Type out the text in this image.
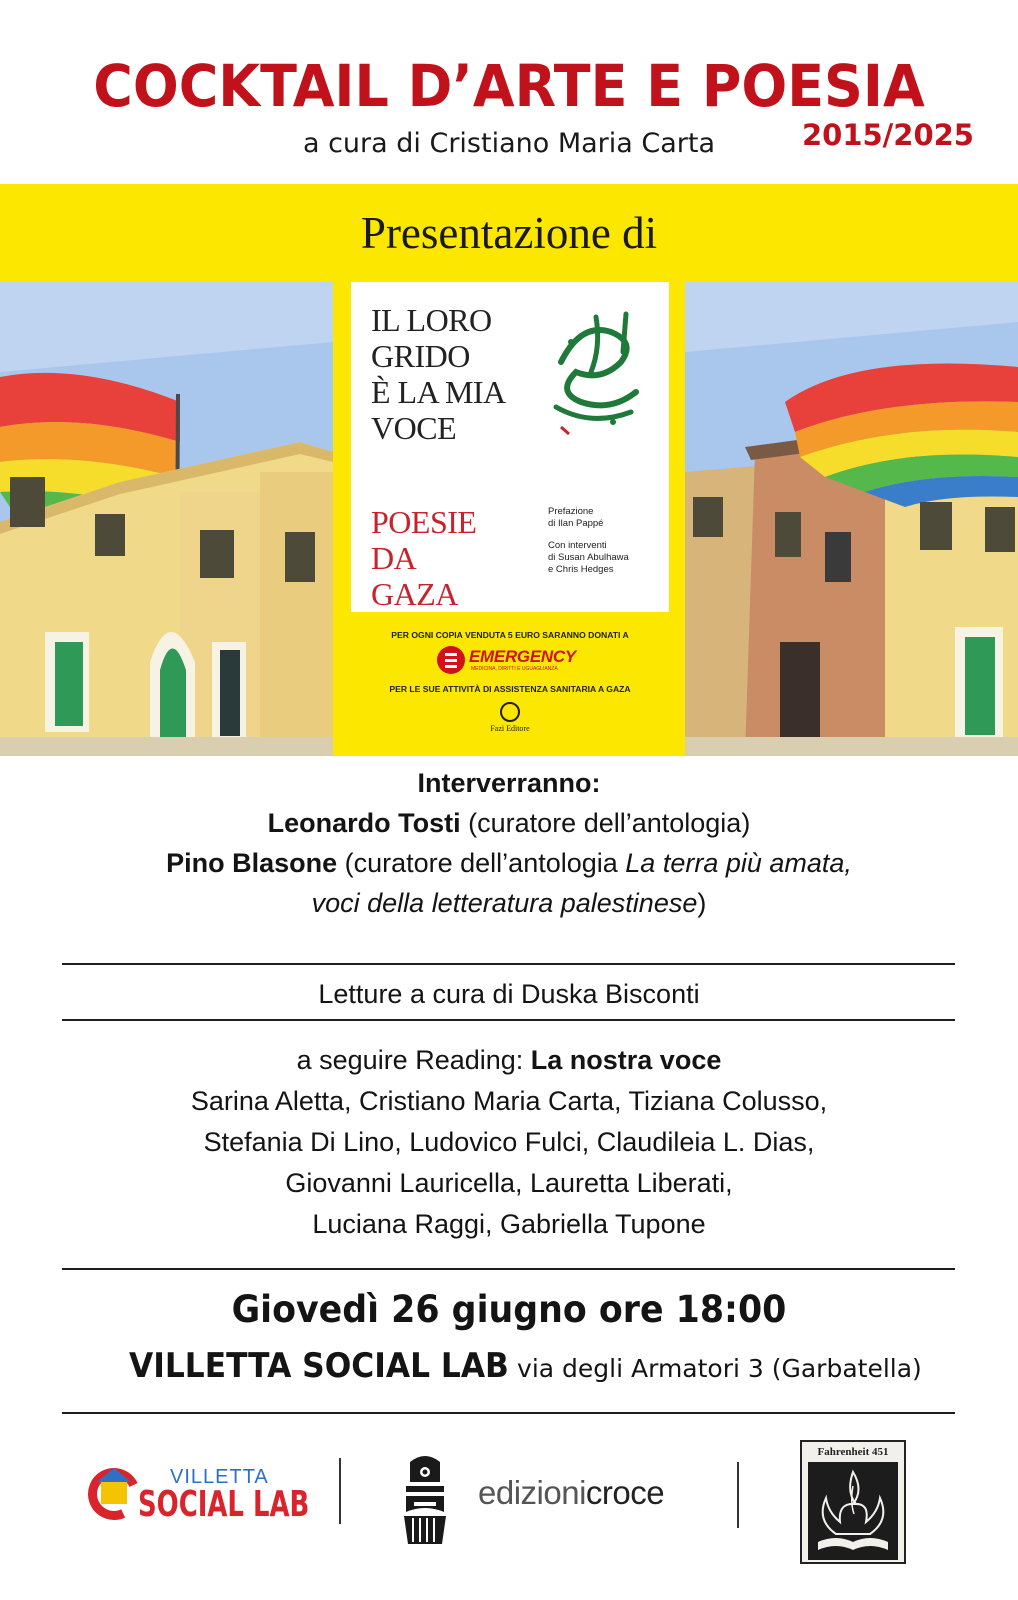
COCKTAIL D’ARTE E POESIA
2015/2025
a cura di Cristiano Maria Carta
Presentazione di
IL LORO
GRIDO
È LA MIA
VOCE
POESIE
DA
GAZA
Prefazione
di Ilan Pappé
Con interventi
di Susan Abulhawa
e Chris Hedges
PER OGNI COPIA VENDUTA 5 EURO SARANNO DONATI A
EMERGENCY
MEDICINA, DIRITTI E UGUAGLIANZA
PER LE SUE ATTIVITÀ DI ASSISTENZA SANITARIA A GAZA
Fazi Editore
Interverranno:
Leonardo Tosti (curatore dell’antologia)
Pino Blasone (curatore dell’antologia La terra più amata,
voci della letteratura palestinese)
Letture a cura di Duska Bisconti
a seguire Reading: La nostra voce
Sarina Aletta, Cristiano Maria Carta, Tiziana Colusso,
Stefania Di Lino, Ludovico Fulci, Claudileia L. Dias,
Giovanni Lauricella, Lauretta Liberati,
Luciana Raggi, Gabriella Tupone
Giovedì 26 giugno ore 18:00
VILLETTA SOCIAL LAB via degli Armatori 3 (Garbatella)
VILLETTA
SOCIAL LAB	edizionicroce
Fahrenheit 451
